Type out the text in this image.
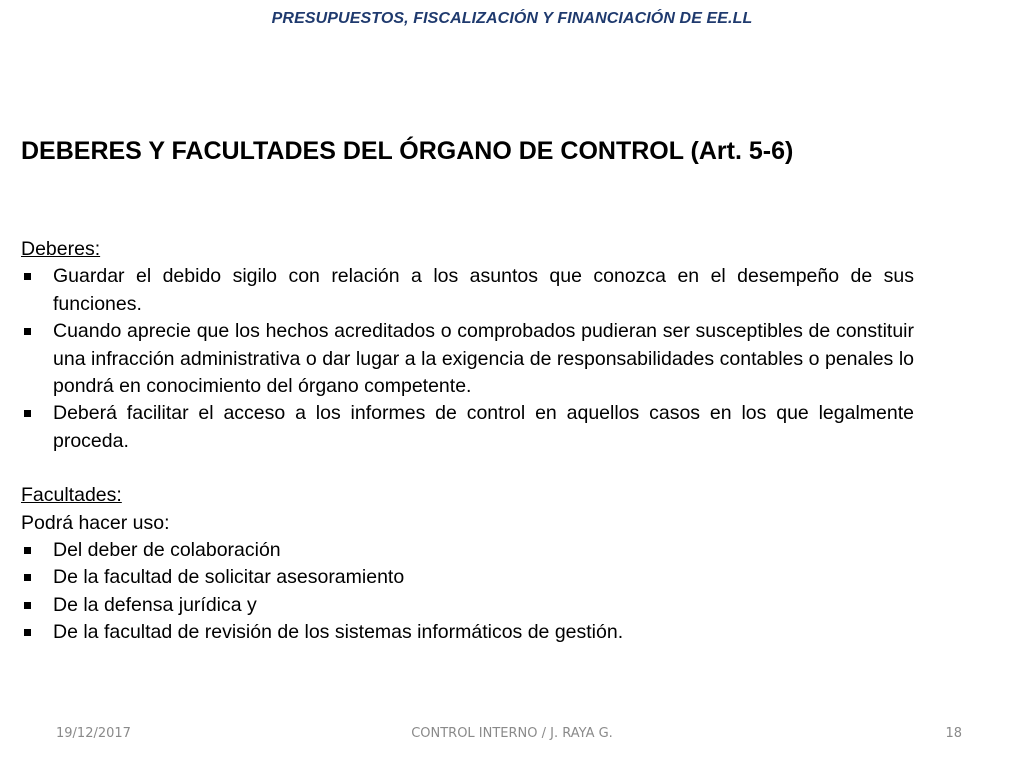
PRESUPUESTOS, FISCALIZACIÓN Y FINANCIACIÓN DE EE.LL
DEBERES Y FACULTADES DEL ÓRGANO DE CONTROL (Art. 5-6)
Deberes:
Guardar el debido sigilo con relación a los asuntos que conozca en el desempeño de sus funciones.
Cuando aprecie que los hechos acreditados o comprobados pudieran ser susceptibles de constituir una infracción administrativa o dar lugar a la exigencia de responsabilidades contables o penales lo pondrá en conocimiento del órgano competente.
Deberá facilitar el acceso a los informes de control en aquellos casos en los que legalmente proceda.
Facultades:
Podrá hacer uso:
Del deber de colaboración
De la facultad de solicitar asesoramiento
De la defensa jurídica y
De la facultad de revisión de los sistemas informáticos de gestión.
19/12/2017	CONTROL INTERNO / J. RAYA G.	18
